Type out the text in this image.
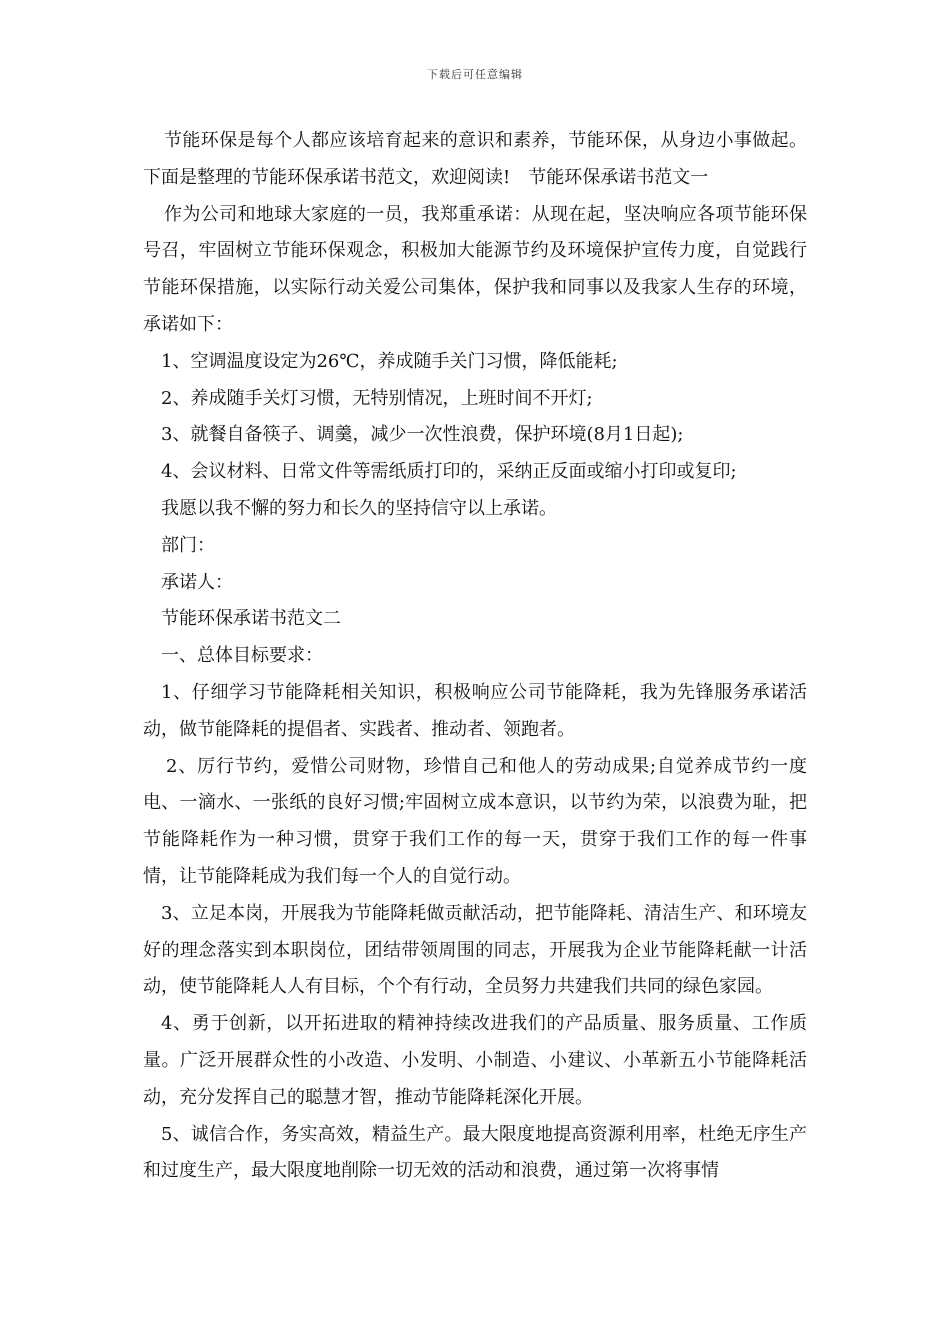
下载后可任意编辑

节能环保是每个人都应该培育起来的意识和素养，节能环保，从身边小事做起。下面是整理的节能环保承诺书范文，欢迎阅读!　节能环保承诺书范文一

作为公司和地球大家庭的一员，我郑重承诺：从现在起，坚决响应各项节能环保号召，牢固树立节能环保观念，积极加大能源节约及环境保护宣传力度，自觉践行节能环保措施，以实际行动关爱公司集体，保护我和同事以及我家人生存的环境，承诺如下：

1、空调温度设定为26℃，养成随手关门习惯，降低能耗;

2、养成随手关灯习惯，无特别情况，上班时间不开灯;

3、就餐自备筷子、调羹，减少一次性浪费，保护环境(8月1日起);

4、会议材料、日常文件等需纸质打印的，采纳正反面或缩小打印或复印;

我愿以我不懈的努力和长久的坚持信守以上承诺。

部门：

承诺人：

节能环保承诺书范文二

一、总体目标要求：

1、仔细学习节能降耗相关知识，积极响应公司节能降耗，我为先锋服务承诺活动，做节能降耗的提倡者、实践者、推动者、领跑者。

2、厉行节约，爱惜公司财物，珍惜自己和他人的劳动成果;自觉养成节约一度电、一滴水、一张纸的良好习惯;牢固树立成本意识，以节约为荣，以浪费为耻，把节能降耗作为一种习惯，贯穿于我们工作的每一天，贯穿于我们工作的每一件事情，让节能降耗成为我们每一个人的自觉行动。

3、立足本岗，开展我为节能降耗做贡献活动，把节能降耗、清洁生产、和环境友好的理念落实到本职岗位，团结带领周围的同志，开展我为企业节能降耗献一计活动，使节能降耗人人有目标，个个有行动，全员努力共建我们共同的绿色家园。

4、勇于创新，以开拓进取的精神持续改进我们的产品质量、服务质量、工作质量。广泛开展群众性的小改造、小发明、小制造、小建议、小革新五小节能降耗活动，充分发挥自己的聪慧才智，推动节能降耗深化开展。

5、诚信合作，务实高效，精益生产。最大限度地提高资源利用率，杜绝无序生产和过度生产，最大限度地削除一切无效的活动和浪费，通过第一次将事情
